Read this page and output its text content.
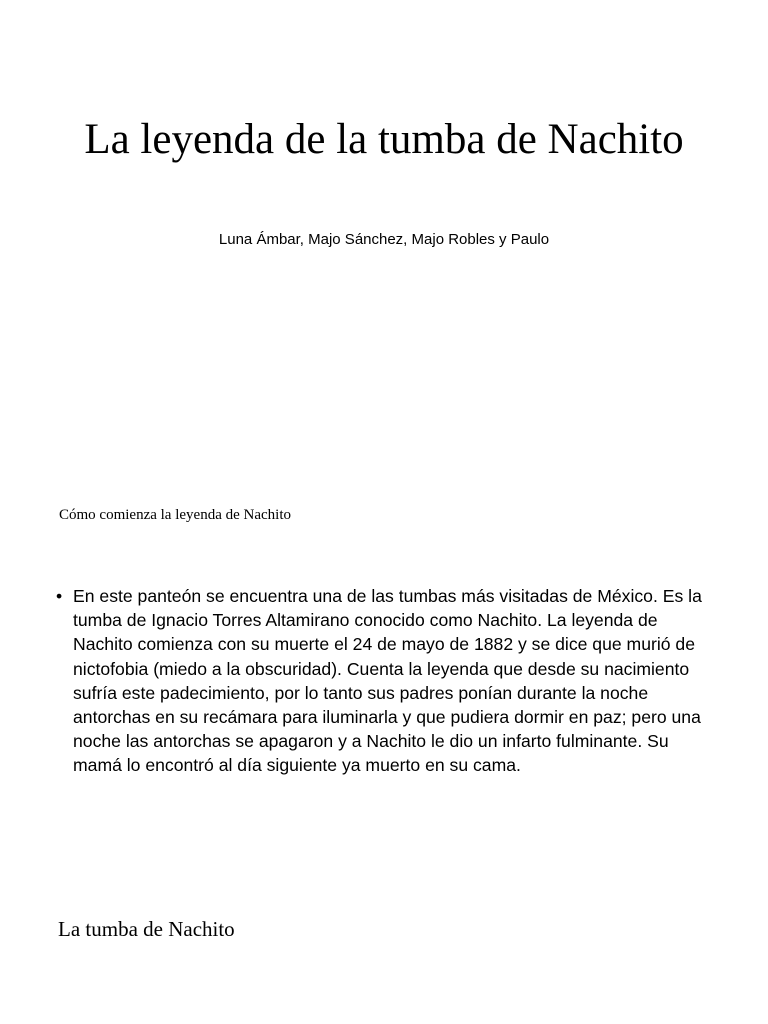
La leyenda de la tumba de Nachito
Luna Ámbar, Majo Sánchez, Majo Robles y Paulo
Cómo comienza la leyenda de Nachito
• En este panteón se encuentra una de las tumbas más visitadas de México. Es la tumba de Ignacio Torres Altamirano conocido como Nachito. La leyenda de Nachito comienza con su muerte el 24 de mayo de 1882 y se dice que murió de nictofobia (miedo a la obscuridad). Cuenta la leyenda que desde su nacimiento sufría este padecimiento, por lo tanto sus padres ponían durante la noche antorchas en su recámara para iluminarla y que pudiera dormir en paz; pero una noche las antorchas se apagaron y a Nachito le dio un infarto fulminante. Su mamá lo encontró al día siguiente ya muerto en su cama.
La tumba de Nachito
